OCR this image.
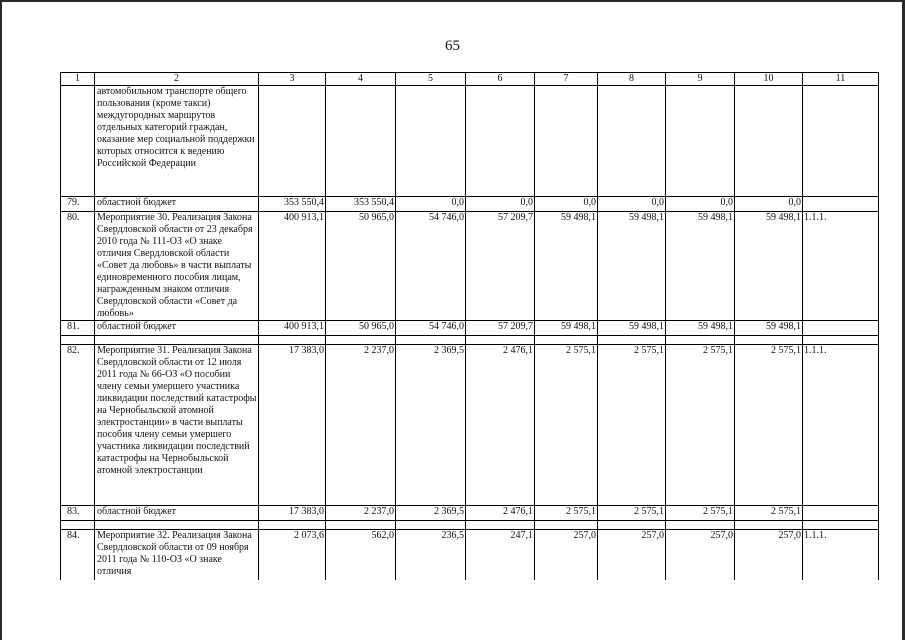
65
1	2	3	4	5	6	7	8	9	10	11
	автомобильном транспорте общего пользования (кроме такси) междугородных маршрутов отдельных категорий граждан, оказание мер социальной поддержки которых относится к ведению Российской Федерации									
79.	областной бюджет	353 550,4	353 550,4	0,0	0,0	0,0	0,0	0,0	0,0	
80.	Мероприятие 30. Реализация Закона Свердловской области от 23 декабря 2010 года № 111-ОЗ «О знаке отличия Свердловской области «Совет да любовь» в части выплаты единовременного пособия лицам, награжденным знаком отличия Свердловской области «Совет да любовь»	400 913,1	50 965,0	54 746,0	57 209,7	59 498,1	59 498,1	59 498,1	59 498,1	1.1.1.
81.	областной бюджет	400 913,1	50 965,0	54 746,0	57 209,7	59 498,1	59 498,1	59 498,1	59 498,1	

82.	Мероприятие 31. Реализация Закона Свердловской области от 12 июля 2011 года № 66-ОЗ «О пособии члену семьи умершего участника ликвидации последствий катастрофы на Чернобыльской атомной электростанции» в части выплаты пособия члену семьи умершего участника ликвидации последствий катастрофы на Чернобыльской атомной электростанции	17 383,0	2 237,0	2 369,5	2 476,1	2 575,1	2 575,1	2 575,1	2 575,1	1.1.1.
83.	областной бюджет	17 383,0	2 237,0	2 369,5	2 476,1	2 575,1	2 575,1	2 575,1	2 575,1	

84.	Мероприятие 32. Реализация Закона Свердловской области от 09 ноября 2011 года № 110-ОЗ «О знаке отличия	2 073,6	562,0	236,5	247,1	257,0	257,0	257,0	257,0	1.1.1.
